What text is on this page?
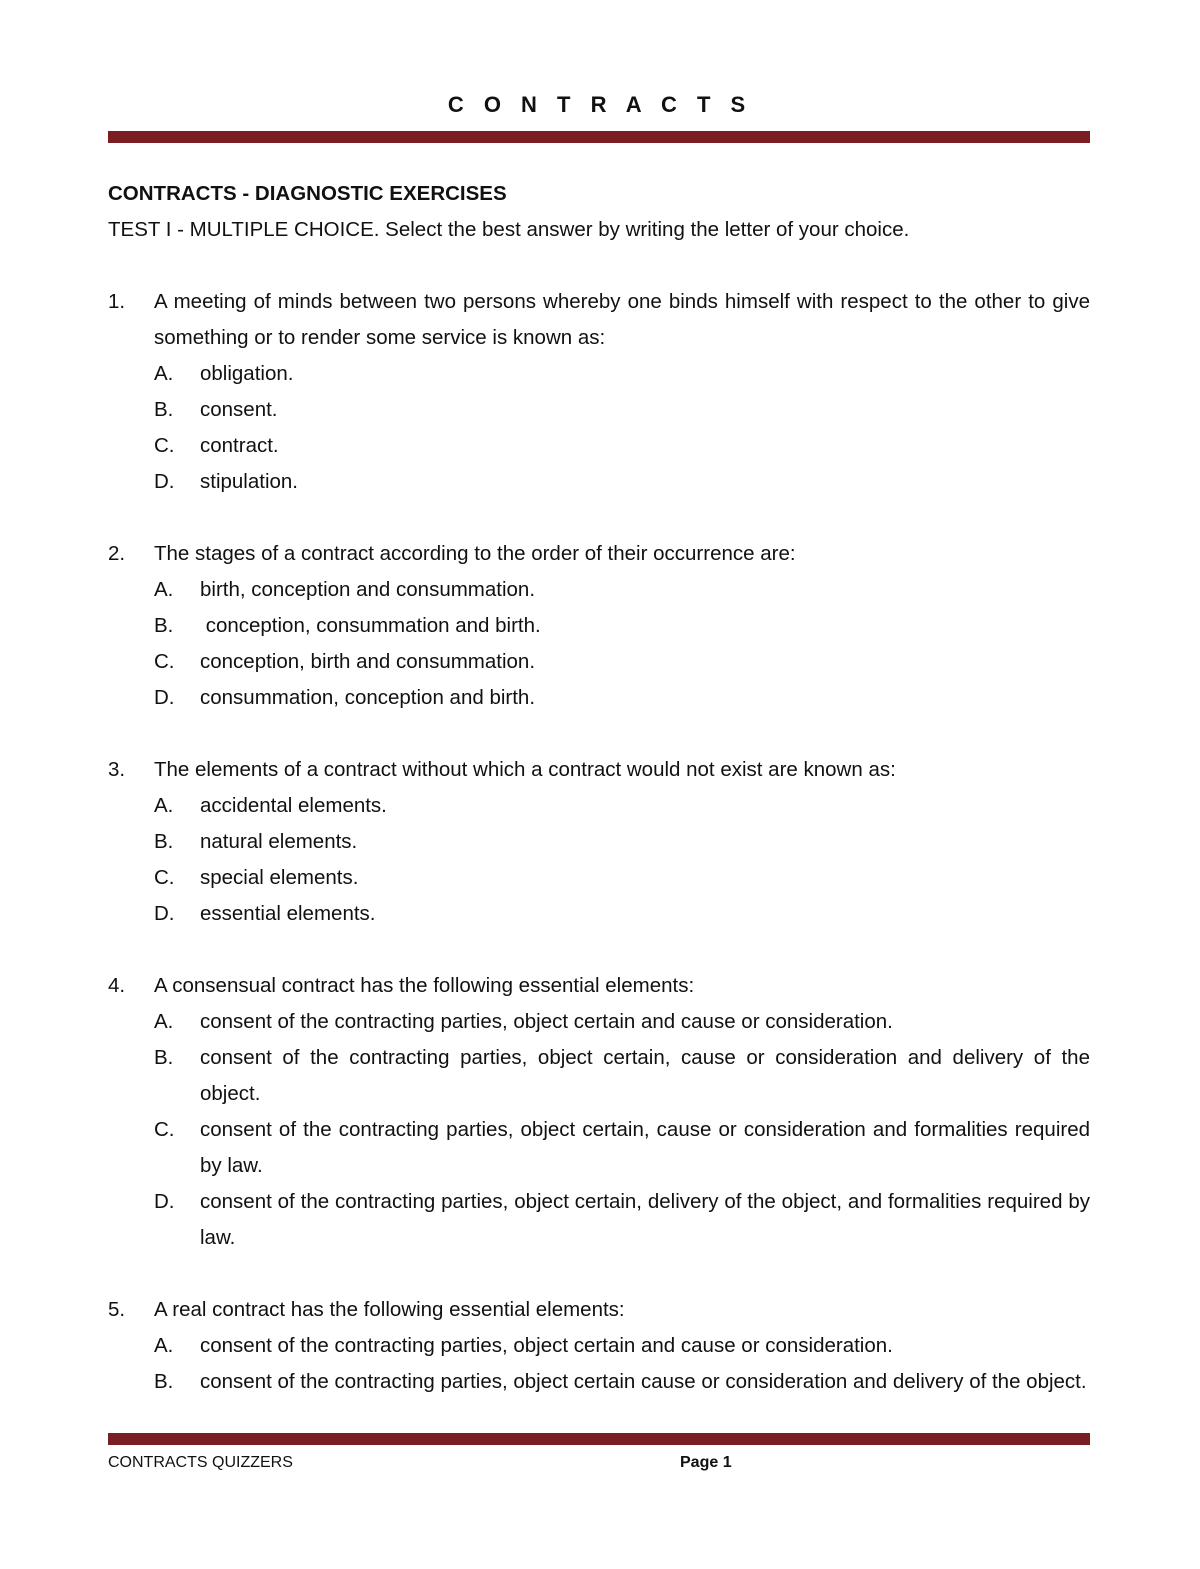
C O N T R A C T S
CONTRACTS - DIAGNOSTIC EXERCISES
TEST I - MULTIPLE CHOICE. Select the best answer by writing the letter of your choice.
1. A meeting of minds between two persons whereby one binds himself with respect to the other to give something or to render some service is known as:
A. obligation.
B. consent.
C. contract.
D. stipulation.
2. The stages of a contract according to the order of their occurrence are:
A. birth, conception and consummation.
B. conception, consummation and birth.
C. conception, birth and consummation.
D. consummation, conception and birth.
3. The elements of a contract without which a contract would not exist are known as:
A. accidental elements.
B. natural elements.
C. special elements.
D. essential elements.
4. A consensual contract has the following essential elements:
A. consent of the contracting parties, object certain and cause or consideration.
B. consent of the contracting parties, object certain, cause or consideration and delivery of the object.
C. consent of the contracting parties, object certain, cause or consideration and formalities required by law.
D. consent of the contracting parties, object certain, delivery of the object, and formalities required by law.
5. A real contract has the following essential elements:
A. consent of the contracting parties, object certain and cause or consideration.
B. consent of the contracting parties, object certain cause or consideration and delivery of the object.
CONTRACTS QUIZZERS	Page 1
